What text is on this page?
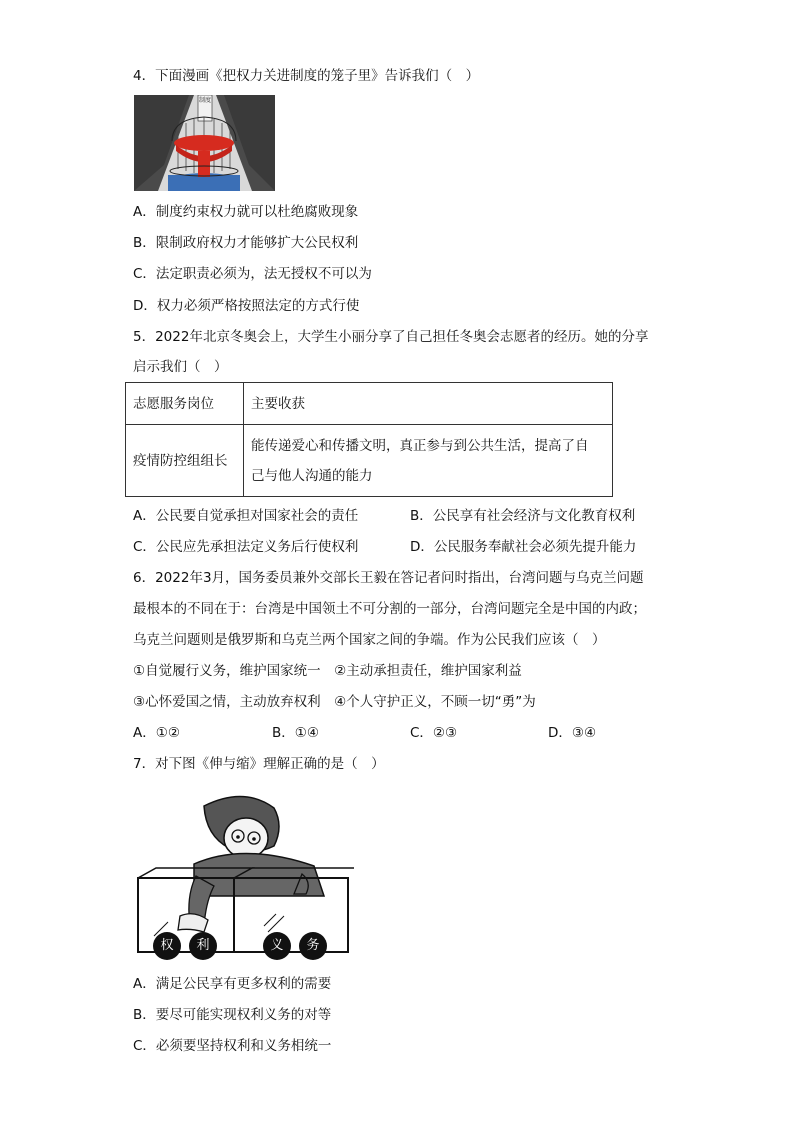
4．下面漫画《把权力关进制度的笼子里》告诉我们（　）
制度
A．制度约束权力就可以杜绝腐败现象
B．限制政府权力才能够扩大公民权利
C．法定职责必须为，法无授权不可以为
D．权力必须严格按照法定的方式行使
5．2022年北京冬奥会上，大学生小丽分享了自己担任冬奥会志愿者的经历。她的分享
启示我们（　）
志愿服务岗位	主要收获
疫情防控组组长	能传递爱心和传播文明，真正参与到公共生活，提高了自
己与他人沟通的能力
A．公民要自觉承担对国家社会的责任	B．公民享有社会经济与文化教育权利
C．公民应先承担法定义务后行使权利	D．公民服务奉献社会必须先提升能力
6．2022年3月，国务委员兼外交部长王毅在答记者问时指出，台湾问题与乌克兰问题
最根本的不同在于：台湾是中国领土不可分割的一部分，台湾问题完全是中国的内政；
乌克兰问题则是俄罗斯和乌克兰两个国家之间的争端。作为公民我们应该（　）
①自觉履行义务，维护国家统一　②主动承担责任，维护国家利益
③心怀爱国之情，主动放弃权利　④个人守护正义，不顾一切“勇”为
A．①②	B．①④	C．②③	D．③④
7．对下图《伸与缩》理解正确的是（　）
权	利	义	务
A．满足公民享有更多权利的需要
B．要尽可能实现权利义务的对等
C．必须要坚持权利和义务相统一
